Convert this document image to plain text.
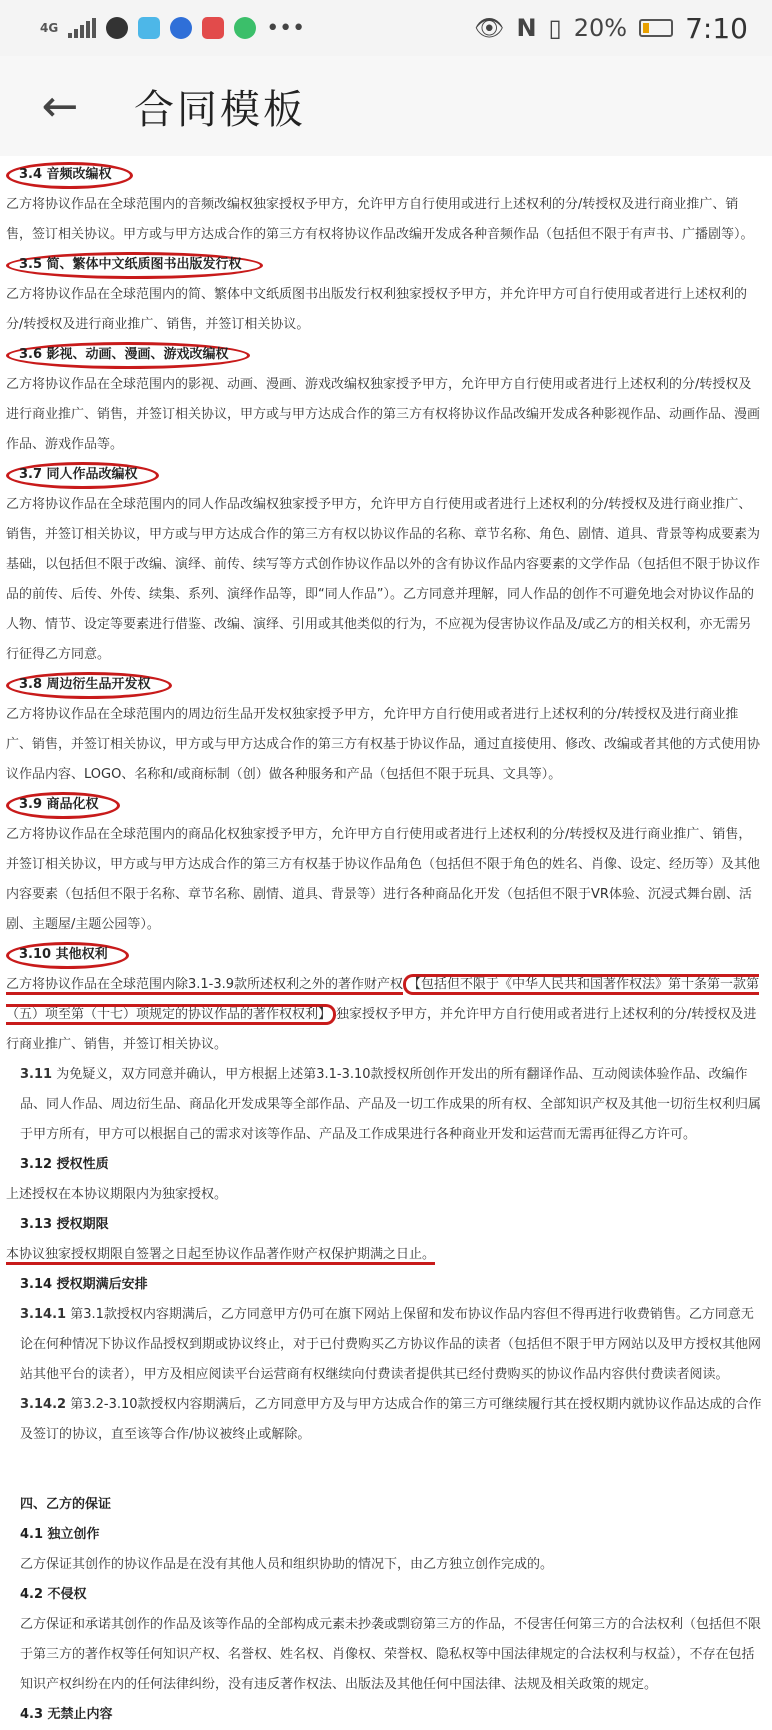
4G	•••	👁 N ▯ 20% 7:10
← 合同模板
3.4 音频改编权

乙方将协议作品在全球范围内的音频改编权独家授权予甲方，允许甲方自行使用或进行上述权利的分/转授权及进行商业推广、销售，签订相关协议。甲方或与甲方达成合作的第三方有权将协议作品改编开发成各种音频作品（包括但不限于有声书、广播剧等）。

3.5 简、繁体中文纸质图书出版发行权

乙方将协议作品在全球范围内的简、繁体中文纸质图书出版发行权利独家授权予甲方，并允许甲方可自行使用或者进行上述权利的分/转授权及进行商业推广、销售，并签订相关协议。

3.6 影视、动画、漫画、游戏改编权

乙方将协议作品在全球范围内的影视、动画、漫画、游戏改编权独家授予甲方，允许甲方自行使用或者进行上述权利的分/转授权及进行商业推广、销售，并签订相关协议，甲方或与甲方达成合作的第三方有权将协议作品改编开发成各种影视作品、动画作品、漫画作品、游戏作品等。

3.7 同人作品改编权

乙方将协议作品在全球范围内的同人作品改编权独家授予甲方，允许甲方自行使用或者进行上述权利的分/转授权及进行商业推广、销售，并签订相关协议，甲方或与甲方达成合作的第三方有权以协议作品的名称、章节名称、角色、剧情、道具、背景等构成要素为基础，以包括但不限于改编、演绎、前传、续写等方式创作协议作品以外的含有协议作品内容要素的文学作品（包括但不限于协议作品的前传、后传、外传、续集、系列、演绎作品等，即“同人作品”）。乙方同意并理解，同人作品的创作不可避免地会对协议作品的人物、情节、设定等要素进行借鉴、改编、演绎、引用或其他类似的行为，不应视为侵害协议作品及/或乙方的相关权利，亦无需另行征得乙方同意。

3.8 周边衍生品开发权

乙方将协议作品在全球范围内的周边衍生品开发权独家授予甲方，允许甲方自行使用或者进行上述权利的分/转授权及进行商业推广、销售，并签订相关协议，甲方或与甲方达成合作的第三方有权基于协议作品，通过直接使用、修改、改编或者其他的方式使用协议作品内容、LOGO、名称和/或商标制（创）做各种服务和产品（包括但不限于玩具、文具等）。

3.9 商品化权

乙方将协议作品在全球范围内的商品化权独家授予甲方，允许甲方自行使用或者进行上述权利的分/转授权及进行商业推广、销售，并签订相关协议，甲方或与甲方达成合作的第三方有权基于协议作品角色（包括但不限于角色的姓名、肖像、设定、经历等）及其他内容要素（包括但不限于名称、章节名称、剧情、道具、背景等）进行各种商品化开发（包括但不限于VR体验、沉浸式舞台剧、活剧、主题屋/主题公园等）。

3.10 其他权利

乙方将协议作品在全球范围内除3.1-3.9款所述权利之外的著作财产权 【包括但不限于《中华人民共和国著作权法》第十条第一款第（五）项至第（十七）项规定的协议作品的著作权权利】 独家授权予甲方，并允许甲方自行使用或者进行上述权利的分/转授权及进行商业推广、销售，并签订相关协议。

3.11 为免疑义，双方同意并确认，甲方根据上述第3.1-3.10款授权所创作开发出的所有翻译作品、互动阅读体验作品、改编作品、同人作品、周边衍生品、商品化开发成果等全部作品、产品及一切工作成果的所有权、全部知识产权及其他一切衍生权利归属于甲方所有，甲方可以根据自己的需求对该等作品、产品及工作成果进行各种商业开发和运营而无需再征得乙方许可。

3.12 授权性质

上述授权在本协议期限内为独家授权。

3.13 授权期限

本协议独家授权期限自签署之日起至协议作品著作财产权保护期满之日止。

3.14 授权期满后安排

3.14.1 第3.1款授权内容期满后，乙方同意甲方仍可在旗下网站上保留和发布协议作品内容但不得再进行收费销售。乙方同意无论在何种情况下协议作品授权到期或协议终止，对于已付费购买乙方协议作品的读者（包括但不限于甲方网站以及甲方授权其他网站其他平台的读者），甲方及相应阅读平台运营商有权继续向付费读者提供其已经付费购买的协议作品内容供付费读者阅读。

3.14.2 第3.2-3.10款授权内容期满后，乙方同意甲方及与甲方达成合作的第三方可继续履行其在授权期内就协议作品达成的合作及签订的协议，直至该等合作/协议被终止或解除。

四、乙方的保证
4.1 独立创作

乙方保证其创作的协议作品是在没有其他人员和组织协助的情况下，由乙方独立创作完成的。

4.2 不侵权

乙方保证和承诺其创作的作品及该等作品的全部构成元素未抄袭或剽窃第三方的作品，不侵害任何第三方的合法权利（包括但不限于第三方的著作权等任何知识产权、名誉权、姓名权、肖像权、荣誉权、隐私权等中国法律规定的合法权利与权益），不存在包括知识产权纠纷在内的任何法律纠纷，没有违反著作权法、出版法及其他任何中国法律、法规及相关政策的规定。

4.3 无禁止内容
